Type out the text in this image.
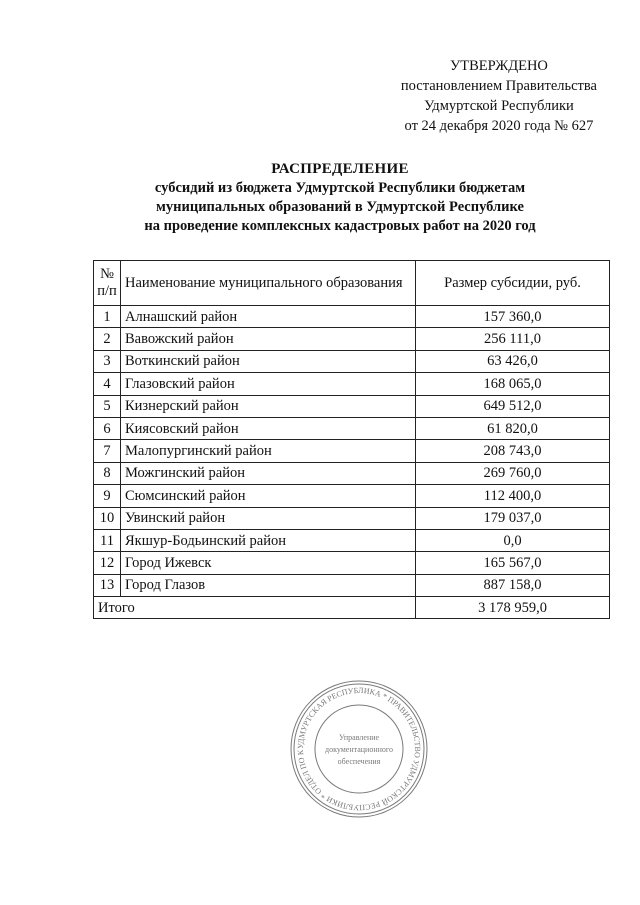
УТВЕРЖДЕНО
постановлением Правительства
Удмуртской Республики
от 24 декабря 2020 года № 627
РАСПРЕДЕЛЕНИЕ
субсидий из бюджета Удмуртской Республики бюджетам
муниципальных образований в Удмуртской Республике
на проведение комплексных кадастровых работ на 2020 год
№ п/п	Наименование муниципального образования	Размер субсидии, руб.
1	Алнашский район	157 360,0
2	Вавожский район	256 111,0
3	Воткинский район	63 426,0
4	Глазовский район	168 065,0
5	Кизнерский район	649 512,0
6	Киясовский район	61 820,0
7	Малопургинский район	208 743,0
8	Можгинский район	269 760,0
9	Сюмсинский район	112 400,0
10	Увинский район	179 037,0
11	Якшур-Бодьинский район	0,0
12	Город Ижевск	165 567,0
13	Город Глазов	887 158,0
Итого		3 178 959,0
УДМУРТСКАЯ РЕСПУБЛИКА * ПРАВИТЕЛЬСТВО УДМУРТСКОЙ РЕСПУБЛИКИ * ОТДЕЛ ПО К
Управление
документационного
обеспечения
